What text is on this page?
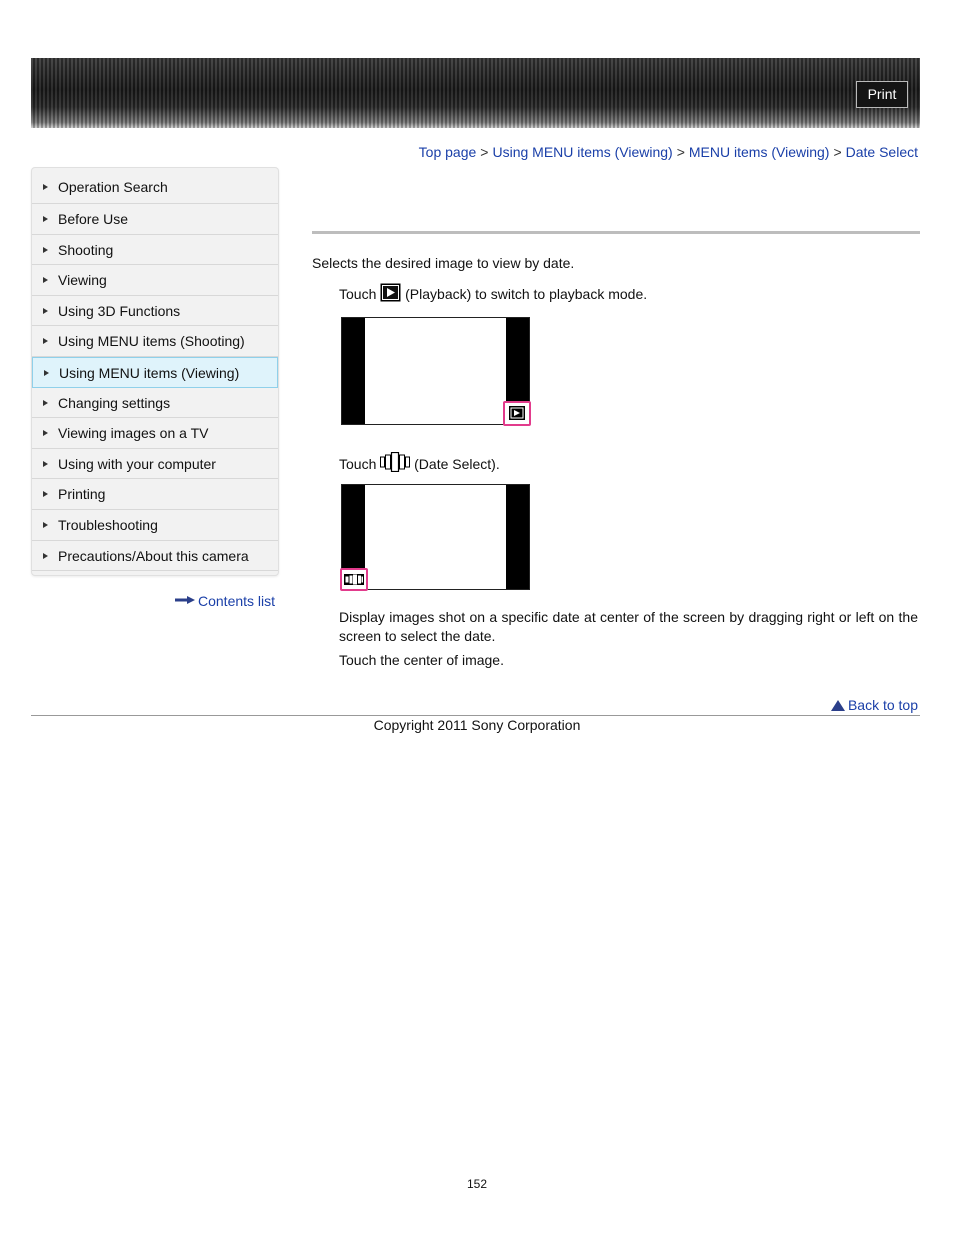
Print
Top page > Using MENU items (Viewing) > MENU items (Viewing) > Date Select
Operation Search
Before Use
Shooting
Viewing
Using 3D Functions
Using MENU items (Shooting)
Using MENU items (Viewing)
Changing settings
Viewing images on a TV
Using with your computer
Printing
Troubleshooting
Precautions/About this camera
Contents list
Selects the desired image to view by date.
Touch (Playback) to switch to playback mode.
Touch	(Date Select).
Display images shot on a specific date at center of the screen by dragging right or left on the screen to select the date.
Touch the center of image.
Back to top
Copyright 2011 Sony Corporation
152
